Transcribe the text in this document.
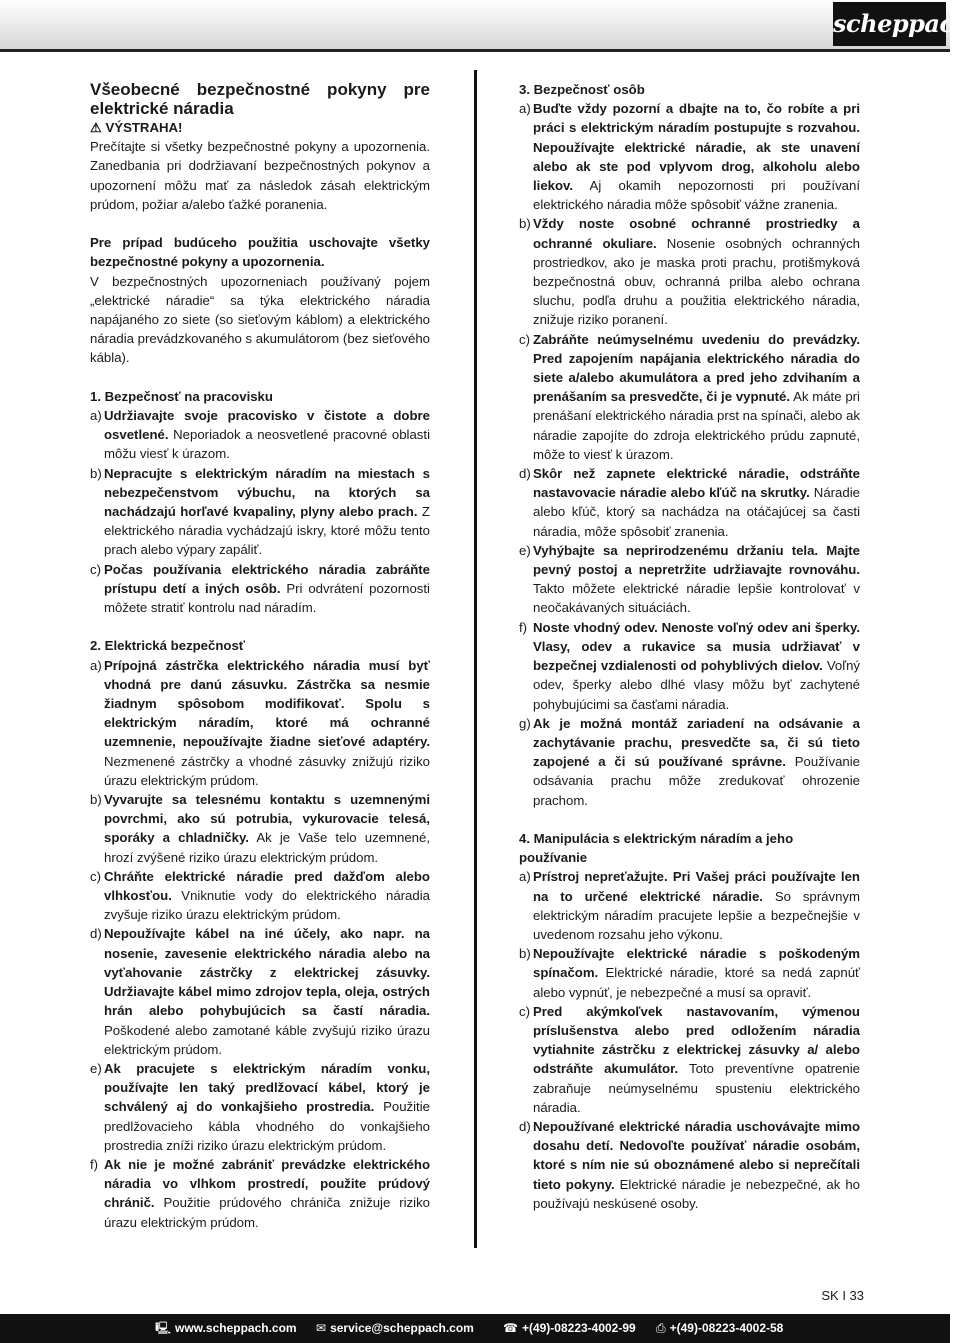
scheppach
Všeobecné bezpečnostné pokyny pre elektrické náradia
⚠ VÝSTRAHA!

Prečítajte si všetky bezpečnostné pokyny a upozornenia. Zanedbania pri dodržiavaní bezpečnostných pokynov a upozornení môžu mať za následok zásah elektrickým prúdom, požiar a/alebo ťažké poranenia.

Pre prípad budúceho použitia uschovajte všetky bezpečnostné pokyny a upozornenia.

V bezpečnostných upozorneniach používaný pojem „elektrické náradie“ sa týka elektrického náradia napájaného zo siete (so sieťovým káblom) a elektrického náradia prevádzkovaného s akumulátorom (bez sieťového kábla).

1. Bezpečnosť na pracovisku
a) Udržiavajte svoje pracovisko v čistote a dobre osvetlené. Neporiadok a neosvetlené pracovné oblasti môžu viesť k úrazom.
b) Nepracujte s elektrickým náradím na miestach s nebezpečenstvom výbuchu, na ktorých sa nachádzajú horľavé kvapaliny, plyny alebo prach. Z elektrického náradia vychádzajú iskry, ktoré môžu tento prach alebo výpary zapáliť.
c) Počas používania elektrického náradia zabráňte prístupu detí a iných osôb. Pri odvrátení pozornosti môžete stratiť kontrolu nad náradím.
2. Elektrická bezpečnosť
a) Prípojná zástrčka elektrického náradia musí byť vhodná pre danú zásuvku. Zástrčka sa nesmie žiadnym spôsobom modifikovať. Spolu s elektrickým náradím, ktoré má ochranné uzemnenie, nepoužívajte žiadne sieťové adaptéry. Nezmenené zástrčky a vhodné zásuvky znižujú riziko úrazu elektrickým prúdom.
b) Vyvarujte sa telesnému kontaktu s uzemnenými povrchmi, ako sú potrubia, vykurovacie telesá, sporáky a chladničky. Ak je Vaše telo uzemnené, hrozí zvýšené riziko úrazu elektrickým prúdom.
c) Chráňte elektrické náradie pred dažďom alebo vlhkosťou. Vniknutie vody do elektrického náradia zvyšuje riziko úrazu elektrickým prúdom.
d) Nepoužívajte kábel na iné účely, ako napr. na nosenie, zavesenie elektrického náradia alebo na vyťahovanie zástrčky z elektrickej zásuvky. Udržiavajte kábel mimo zdrojov tepla, oleja, ostrých hrán alebo pohybujúcich sa častí náradia. Poškodené alebo zamotané káble zvyšujú riziko úrazu elektrickým prúdom.
e) Ak pracujete s elektrickým náradím vonku, používajte len taký predlžovací kábel, ktorý je schválený aj do vonkajšieho prostredia. Použitie predlžovacieho kábla vhodného do vonkajšieho prostredia zníži riziko úrazu elektrickým prúdom.
f) Ak nie je možné zabrániť prevádzke elektrického náradia vo vlhkom prostredí, použite prúdový chránič. Použitie prúdového chrániča znižuje riziko úrazu elektrickým prúdom.
3. Bezpečnosť osôb
a) Buďte vždy pozorní a dbajte na to, čo robíte a pri práci s elektrickým náradím postupujte s rozvahou. Nepoužívajte elektrické náradie, ak ste unavení alebo ak ste pod vplyvom drog, alkoholu alebo liekov. Aj okamih nepozornosti pri používaní elektrického náradia môže spôsobiť vážne zranenia.
b) Vždy noste osobné ochranné prostriedky a ochranné okuliare. Nosenie osobných ochranných prostriedkov, ako je maska proti prachu, protišmyková bezpečnostná obuv, ochranná prilba alebo ochrana sluchu, podľa druhu a použitia elektrického náradia, znižuje riziko poranení.
c) Zabráňte neúmyselnému uvedeniu do prevádzky. Pred zapojením napájania elektrického náradia do siete a/alebo akumulátora a pred jeho zdvihaním a prenášaním sa presvedčte, či je vypnuté. Ak máte pri prenášaní elektrického náradia prst na spínači, alebo ak náradie zapojíte do zdroja elektrického prúdu zapnuté, môže to viesť k úrazom.
d) Skôr než zapnete elektrické náradie, odstráňte nastavovacie náradie alebo kľúč na skrutky. Náradie alebo kľúč, ktorý sa nachádza na otáčajúcej sa časti náradia, môže spôsobiť zranenia.
e) Vyhýbajte sa neprirodzenému držaniu tela. Majte pevný postoj a nepretržite udržiavajte rovnováhu. Takto môžete elektrické náradie lepšie kontrolovať v neočakávaných situáciách.
f) Noste vhodný odev. Nenoste voľný odev ani šperky. Vlasy, odev a rukavice sa musia udržiavať v bezpečnej vzdialenosti od pohyblivých dielov. Voľný odev, šperky alebo dlhé vlasy môžu byť zachytené pohybujúcimi sa časťami náradia.
g) Ak je možná montáž zariadení na odsávanie a zachytávanie prachu, presvedčte sa, či sú tieto zapojené a či sú používané správne. Používanie odsávania prachu môže zredukovať ohrozenie prachom.
4. Manipulácia s elektrickým náradím a jeho používanie
a) Prístroj nepreťažujte. Pri Vašej práci používajte len na to určené elektrické náradie. So správnym elektrickým náradím pracujete lepšie a bezpečnejšie v uvedenom rozsahu jeho výkonu.
b) Nepoužívajte elektrické náradie s poškodeným spínačom. Elektrické náradie, ktoré sa nedá zapnúť alebo vypnúť, je nebezpečné a musí sa opraviť.
c) Pred akýmkoľvek nastavovaním, výmenou príslušenstva alebo pred odložením náradia vytiahnite zástrčku z elektrickej zásuvky a/ alebo odstráňte akumulátor. Toto preventívne opatrenie zabraňuje neúmyselnému spusteniu elektrického náradia.
d) Nepoužívané elektrické náradia uschovávajte mimo dosahu detí. Nedovoľte používať náradie osobám, ktoré s ním nie sú oboznámené alebo si neprečítali tieto pokyny. Elektrické náradie je nebezpečné, ak ho používajú neskúsené osoby.
SK I 33
🖳 www.scheppach.com ✉ service@scheppach.com ☎ +(49)-08223-4002-99 ⎙ +(49)-08223-4002-58
